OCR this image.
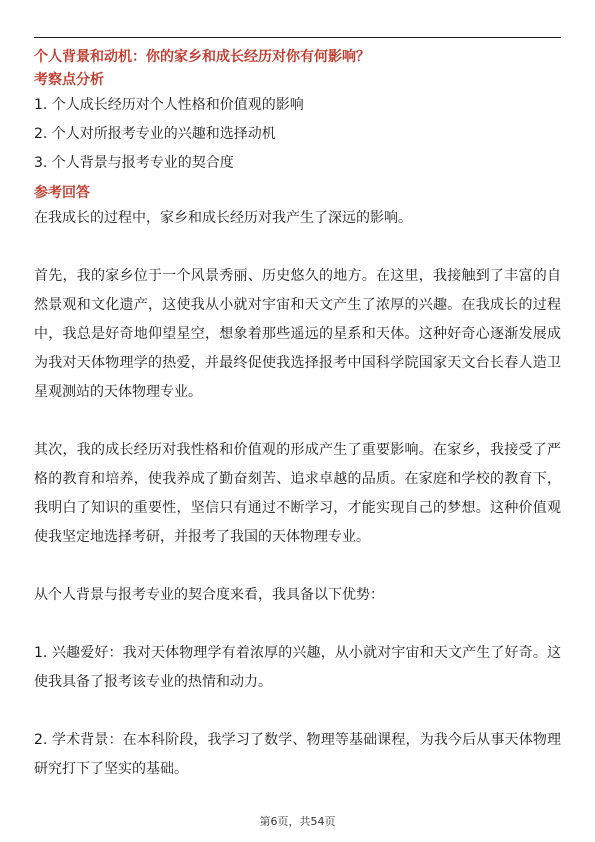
个人背景和动机：你的家乡和成长经历对你有何影响？

考察点分析

1. 个人成长经历对个人性格和价值观的影响

2. 个人对所报考专业的兴趣和选择动机

3. 个人背景与报考专业的契合度

参考回答

在我成长的过程中，家乡和成长经历对我产生了深远的影响。

首先，我的家乡位于一个风景秀丽、历史悠久的地方。在这里，我接触到了丰富的自然景观和文化遗产，这使我从小就对宇宙和天文产生了浓厚的兴趣。在我成长的过程中，我总是好奇地仰望星空，想象着那些遥远的星系和天体。这种好奇心逐渐发展成为我对天体物理学的热爱，并最终促使我选择报考中国科学院国家天文台长春人造卫星观测站的天体物理专业。

其次，我的成长经历对我性格和价值观的形成产生了重要影响。在家乡，我接受了严格的教育和培养，使我养成了勤奋刻苦、追求卓越的品质。在家庭和学校的教育下，我明白了知识的重要性，坚信只有通过不断学习，才能实现自己的梦想。这种价值观使我坚定地选择考研，并报考了我国的天体物理专业。

从个人背景与报考专业的契合度来看，我具备以下优势：

1. 兴趣爱好：我对天体物理学有着浓厚的兴趣，从小就对宇宙和天文产生了好奇。这使我具备了报考该专业的热情和动力。

2. 学术背景：在本科阶段，我学习了数学、物理等基础课程，为我今后从事天体物理研究打下了坚实的基础。

第6页，共54页
